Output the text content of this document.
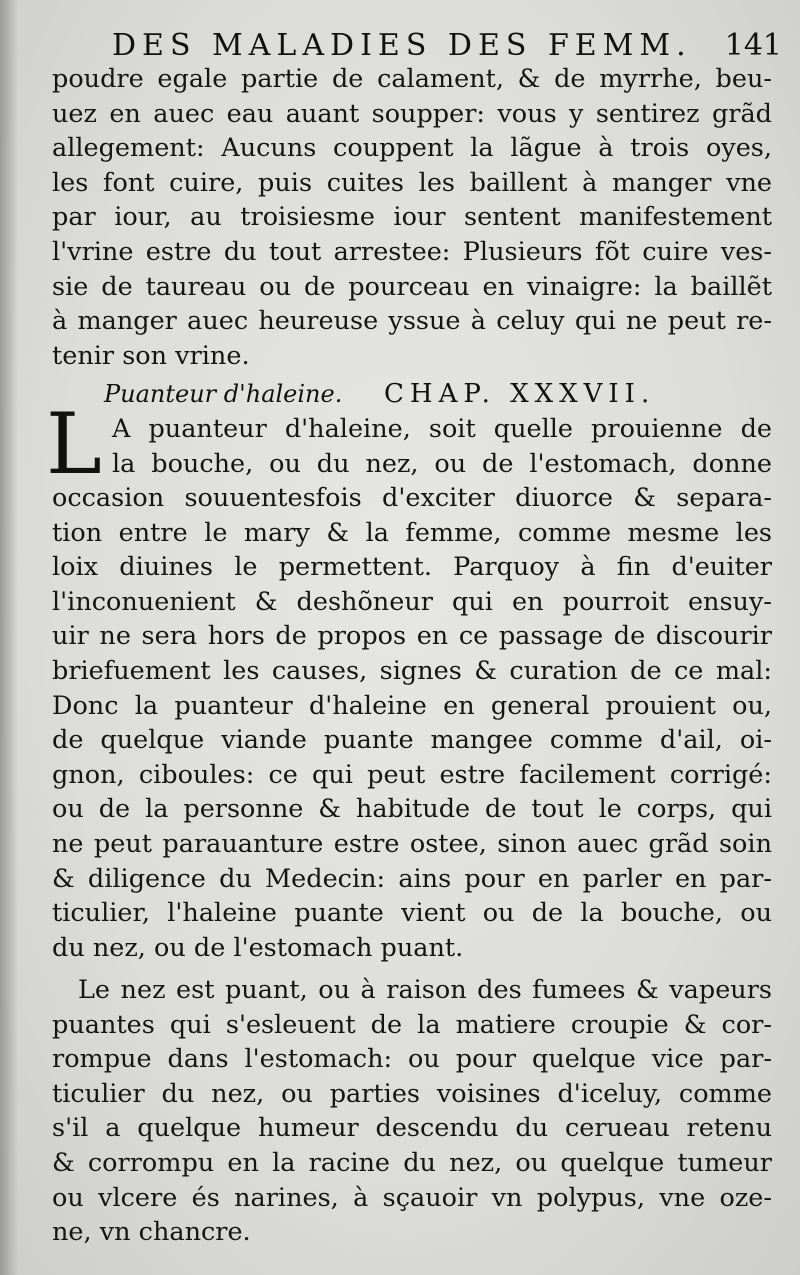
DES MALADIES DES FEMM. 141
poudre egale partie de calament, & de myrrhe, beu-
uez en auec eau auant soupper: vous y sentirez grãd
allegement: Aucuns couppent la lãgue à trois oyes,
les font cuire, puis cuites les baillent à manger vne
par iour, au troisiesme iour sentent manifestement
l'vrine estre du tout arrestee: Plusieurs fõt cuire ves-
sie de taureau ou de pourceau en vinaigre: la baillẽt
à manger auec heureuse yssue à celuy qui ne peut re-
tenir son vrine.
Puanteur d'haleine. CHAP. XXXVII.
L A puanteur d'haleine, soit quelle prouienne de
la bouche, ou du nez, ou de l'estomach, donne
occasion souuentesfois d'exciter diuorce & separa-
tion entre le mary & la femme, comme mesme les
loix diuines le permettent. Parquoy à fin d'euiter
l'inconuenient & deshõneur qui en pourroit ensuy-
uir ne sera hors de propos en ce passage de discourir
briefuement les causes, signes & curation de ce mal:
Donc la puanteur d'haleine en general prouient ou,
de quelque viande puante mangee comme d'ail, oi-
gnon, ciboules: ce qui peut estre facilement corrigé:
ou de la personne & habitude de tout le corps, qui
ne peut parauanture estre ostee, sinon auec grãd soin
& diligence du Medecin: ains pour en parler en par-
ticulier, l'haleine puante vient ou de la bouche, ou
du nez, ou de l'estomach puant.
Le nez est puant, ou à raison des fumees & vapeurs
puantes qui s'esleuent de la matiere croupie & cor-
rompue dans l'estomach: ou pour quelque vice par-
ticulier du nez, ou parties voisines d'iceluy, comme
s'il a quelque humeur descendu du cerueau retenu
& corrompu en la racine du nez, ou quelque tumeur
ou vlcere és narines, à sçauoir vn polypus, vne oze-
ne, vn chancre.
